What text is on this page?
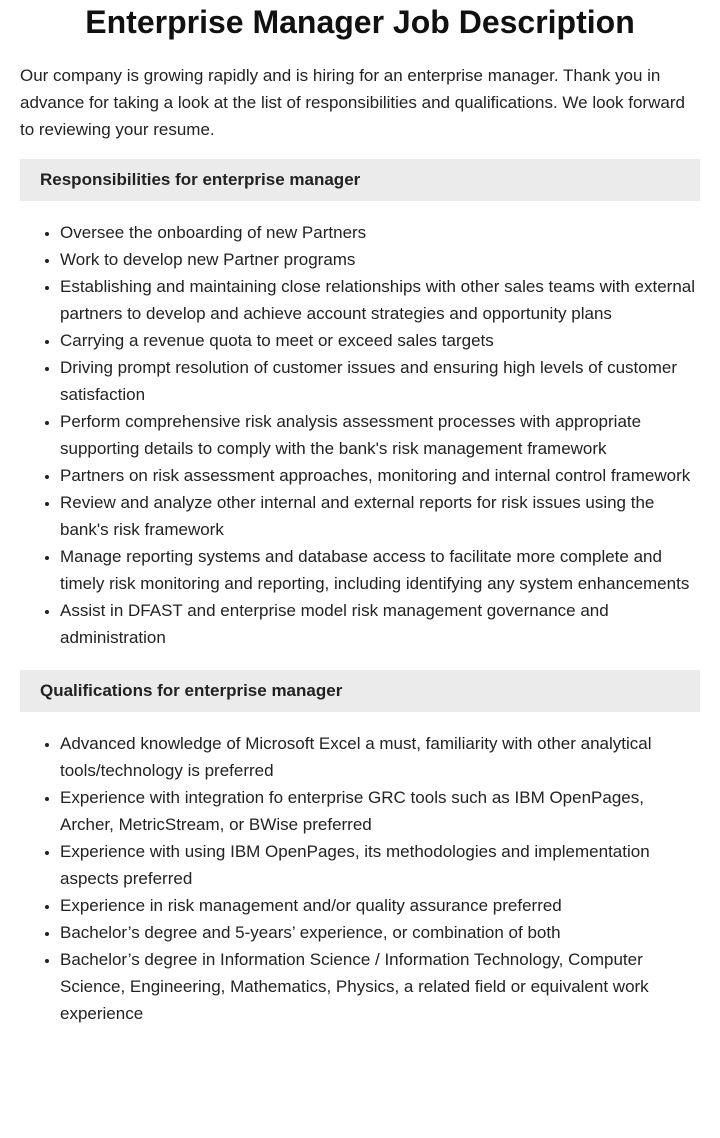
Enterprise Manager Job Description

Our company is growing rapidly and is hiring for an enterprise manager. Thank you in advance for taking a look at the list of responsibilities and qualifications. We look forward to reviewing your resume.

Responsibilities for enterprise manager
• Oversee the onboarding of new Partners
• Work to develop new Partner programs
• Establishing and maintaining close relationships with other sales teams with external partners to develop and achieve account strategies and opportunity plans
• Carrying a revenue quota to meet or exceed sales targets
• Driving prompt resolution of customer issues and ensuring high levels of customer satisfaction
• Perform comprehensive risk analysis assessment processes with appropriate supporting details to comply with the bank's risk management framework
• Partners on risk assessment approaches, monitoring and internal control framework
• Review and analyze other internal and external reports for risk issues using the bank's risk framework
• Manage reporting systems and database access to facilitate more complete and timely risk monitoring and reporting, including identifying any system enhancements
• Assist in DFAST and enterprise model risk management governance and administration
Qualifications for enterprise manager
• Advanced knowledge of Microsoft Excel a must, familiarity with other analytical tools/technology is preferred
• Experience with integration fo enterprise GRC tools such as IBM OpenPages, Archer, MetricStream, or BWise preferred
• Experience with using IBM OpenPages, its methodologies and implementation aspects preferred
• Experience in risk management and/or quality assurance preferred
• Bachelor’s degree and 5-years’ experience, or combination of both
• Bachelor’s degree in Information Science / Information Technology, Computer Science, Engineering, Mathematics, Physics, a related field or equivalent work experience
